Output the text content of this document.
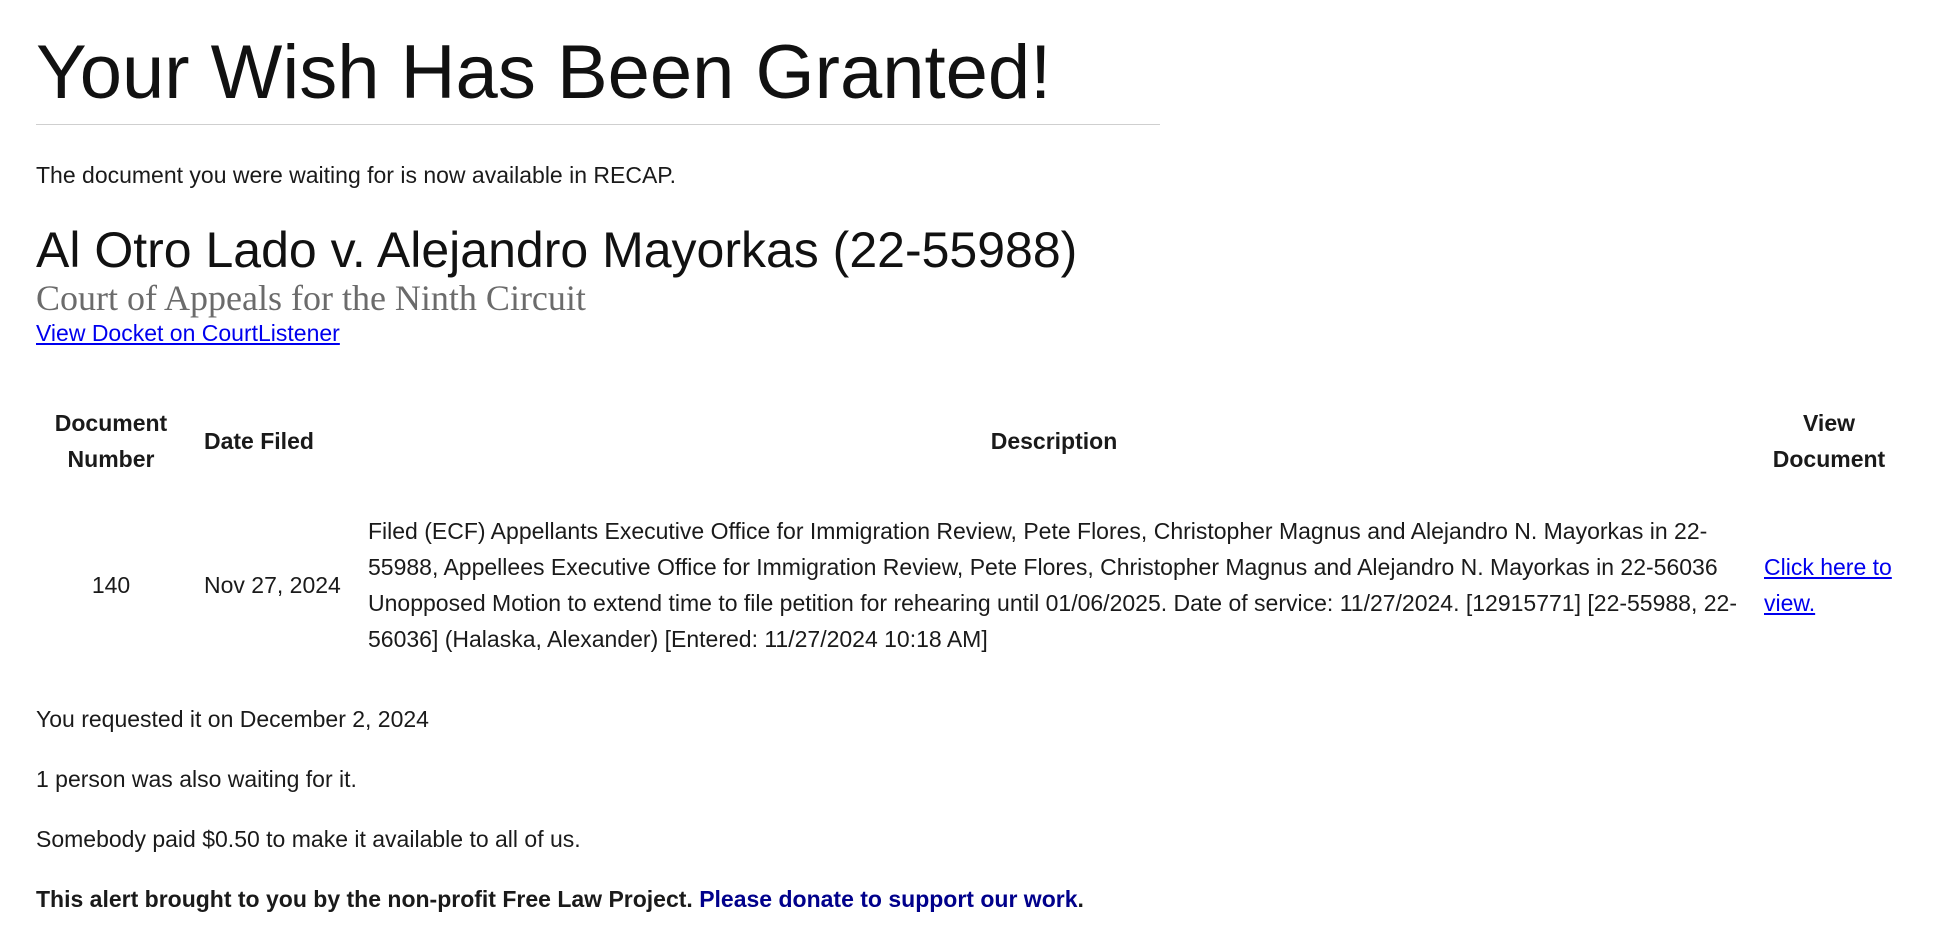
Your Wish Has Been Granted!

The document you were waiting for is now available in RECAP.

Al Otro Lado v. Alejandro Mayorkas (22-55988)

Court of Appeals for the Ninth Circuit

View Docket on CourtListener
Document Number	Date Filed	Description	View Document
140	Nov 27, 2024	Filed (ECF) Appellants Executive Office for Immigration Review, Pete Flores, Christopher Magnus and Alejandro N. Mayorkas in 22-55988, Appellees Executive Office for Immigration Review, Pete Flores, Christopher Magnus and Alejandro N. Mayorkas in 22-56036 Unopposed Motion to extend time to file petition for rehearing until 01/06/2025. Date of service: 11/27/2024. [12915771] [22-55988, 22-56036] (Halaska, Alexander) [Entered: 11/27/2024 10:18 AM]	Click here to view.

You requested it on December 2, 2024

1 person was also waiting for it.

Somebody paid $0.50 to make it available to all of us.

This alert brought to you by the non-profit Free Law Project. Please donate to support our work.
